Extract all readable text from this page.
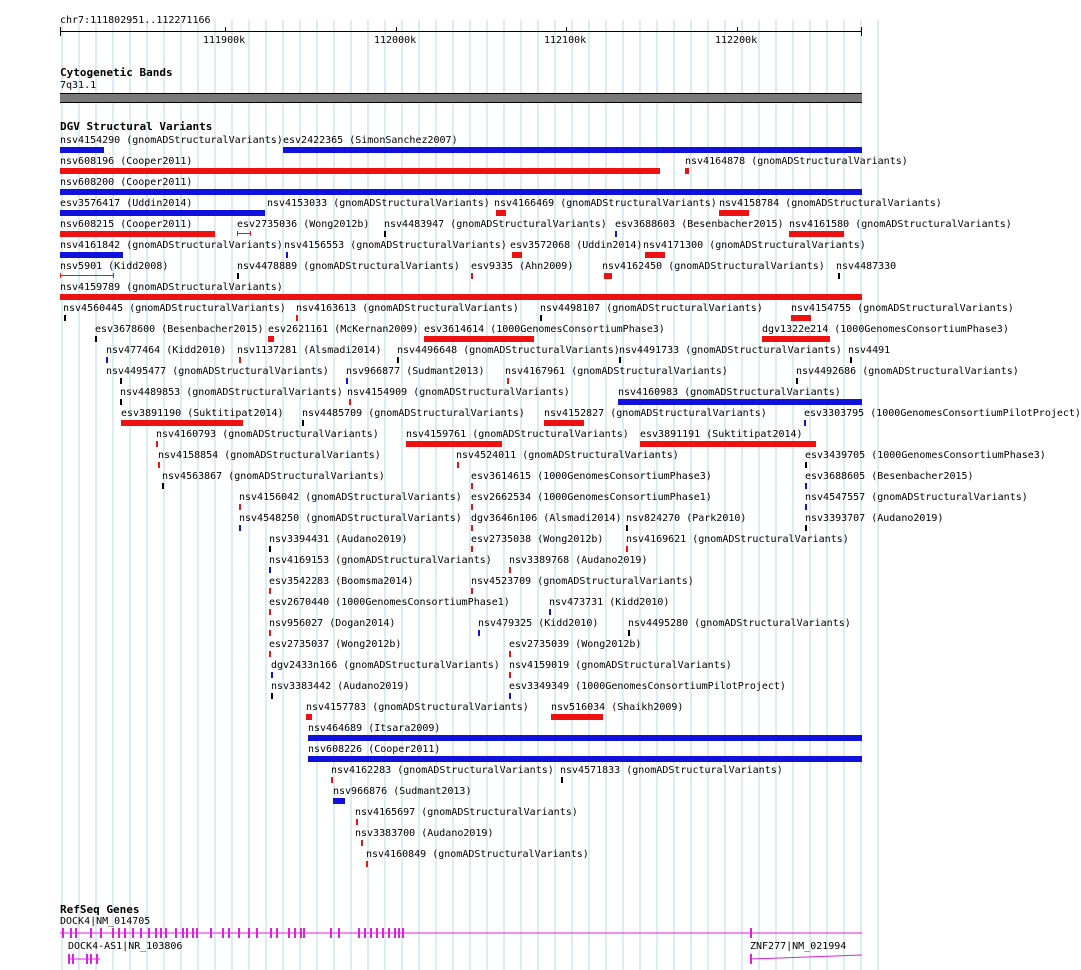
chr7:111802951..112271166
111900k	112000k	112100k	112200k
Cytogenetic Bands
7q31.1
DGV Structural Variants
nsv4154290 (gnomADStructuralVariants) esv2422365 (SimonSanchez2007)
nsv608196 (Cooper2011)	nsv4164878 (gnomADStructuralVariants)
nsv608200 (Cooper2011)
esv3576417 (Uddin2014)	nsv4153033 (gnomADStructuralVariants) nsv4166469 (gnomADStructuralVariants) nsv4158784 (gnomADStructuralVariants)
nsv608215 (Cooper2011)	esv2735036 (Wong2012b) nsv4483947 (gnomADStructuralVariants) esv3688603 (Besenbacher2015) nsv4161580 (gnomADStructuralVariants)
nsv4161842 (gnomADStructuralVariants) nsv4156553 (gnomADStructuralVariants) esv3572068 (Uddin2014) nsv4171300 (gnomADStructuralVariants)
nsv5901 (Kidd2008)	nsv4478889 (gnomADStructuralVariants) esv9335 (Ahn2009)	nsv4162450 (gnomADStructuralVariants) nsv4487330
nsv4159789 (gnomADStructuralVariants)
nsv4560445 (gnomADStructuralVariants) nsv4163613 (gnomADStructuralVariants) nsv4498107 (gnomADStructuralVariants)	nsv4154755 (gnomADStructuralVariants)
esv3678600 (Besenbacher2015) esv2621161 (McKernan2009) esv3614614 (1000GenomesConsortiumPhase3)	dgv1322e214 (1000GenomesConsortiumPhase3)
nsv477464 (Kidd2010) nsv1137281 (Alsmadi2014) nsv4496648 (gnomADStructuralVariants) nsv4491733 (gnomADStructuralVariants) nsv4491
nsv4495477 (gnomADStructuralVariants) nsv966877 (Sudmant2013) nsv4167961 (gnomADStructuralVariants)	nsv4492686 (gnomADStructuralVariants)
nsv4489853 (gnomADStructuralVariants) nsv4154909 (gnomADStructuralVariants)	nsv4160983 (gnomADStructuralVariants)
esv3891190 (Suktitipat2014) nsv4485709 (gnomADStructuralVariants) nsv4152827 (gnomADStructuralVariants)	esv3303795 (1000GenomesConsortiumPilotProject)
nsv4160793 (gnomADStructuralVariants)	nsv4159761 (gnomADStructuralVariants) esv3891191 (Suktitipat2014)
nsv4158854 (gnomADStructuralVariants)	nsv4524011 (gnomADStructuralVariants)	esv3439705 (1000GenomesConsortiumPhase3)
nsv4563867 (gnomADStructuralVariants)	esv3614615 (1000GenomesConsortiumPhase3)	esv3688605 (Besenbacher2015)
nsv4156042 (gnomADStructuralVariants) esv2662534 (1000GenomesConsortiumPhase1)	nsv4547557 (gnomADStructuralVariants)
nsv4548250 (gnomADStructuralVariants) dgv3646n106 (Alsmadi2014) nsv824270 (Park2010)	nsv3393707 (Audano2019)
nsv3394431 (Audano2019)	esv2735038 (Wong2012b) nsv4169621 (gnomADStructuralVariants)
nsv4169153 (gnomADStructuralVariants) nsv3389768 (Audano2019)
esv3542283 (Boomsma2014)	nsv4523709 (gnomADStructuralVariants)
esv2670440 (1000GenomesConsortiumPhase1)	nsv473731 (Kidd2010)
nsv956027 (Dogan2014)	nsv479325 (Kidd2010)	nsv4495280 (gnomADStructuralVariants)
esv2735037 (Wong2012b)	esv2735039 (Wong2012b)
dgv2433n166 (gnomADStructuralVariants) nsv4159019 (gnomADStructuralVariants)
nsv3383442 (Audano2019)	esv3349349 (1000GenomesConsortiumPilotProject)
nsv4157783 (gnomADStructuralVariants) nsv516034 (Shaikh2009)
nsv464689 (Itsara2009)
nsv608226 (Cooper2011)
nsv4162283 (gnomADStructuralVariants) nsv4571833 (gnomADStructuralVariants)
nsv966876 (Sudmant2013)
nsv4165697 (gnomADStructuralVariants)
nsv3383700 (Audano2019)
nsv4160849 (gnomADStructuralVariants)
RefSeq Genes
DOCK4|NM_014705
DOCK4-AS1|NR_103806	ZNF277|NM_021994
